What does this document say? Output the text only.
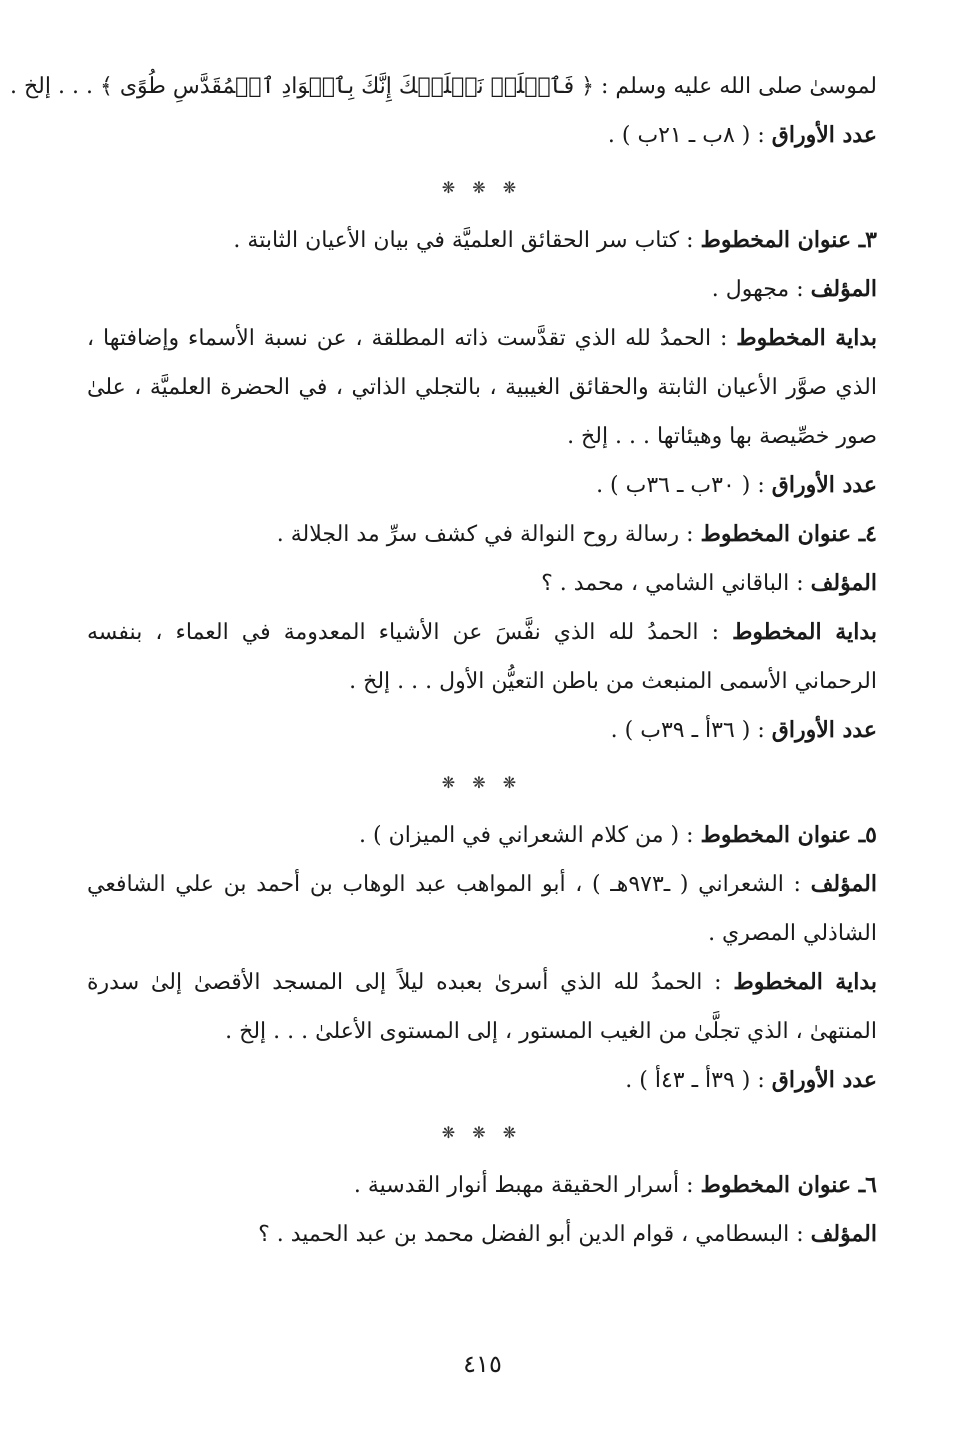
لموسىٰ صلى الله عليه وسلم : ﴿ فَٱخۡلَعۡ نَعۡلَيۡكَ إِنَّكَ بِٱلۡوَادِ ٱلۡمُقَدَّسِ طُوًى ﴾ . . . إلخ .

عدد الأوراق : ( ٨ب ـ ٢١ب ) .

❋ ❋ ❋

٣ـ عنوان المخطوط : كتاب سر الحقائق العلميَّة في بيان الأعيان الثابتة .

المؤلف : مجهول .

بداية المخطوط : الحمدُ لله الذي تقدَّست ذاته المطلقة ، عن نسبة الأسماء وإضافتها ، الذي صوَّر الأعيان الثابتة والحقائق الغيبية ، بالتجلي الذاتي ، في الحضرة العلميَّة ، علىٰ صور خصِّيصة بها وهيئاتها . . . إلخ .

عدد الأوراق : ( ٣٠ب ـ ٣٦ب ) .

٤ـ عنوان المخطوط : رسالة روح النوالة في كشف سرِّ مد الجلالة .

المؤلف : الباقاني الشامي ، محمد . ؟

بداية المخطوط : الحمدُ لله الذي نفَّسَ عن الأشياء المعدومة في العماء ، بنفسه الرحماني الأسمى المنبعث من باطن التعيُّن الأول . . . إلخ .

عدد الأوراق : ( ٣٦أ ـ ٣٩ب ) .

❋ ❋ ❋

٥ـ عنوان المخطوط : ( من كلام الشعراني في الميزان ) .

المؤلف : الشعراني ( ـ٩٧٣هـ ) ، أبو المواهب عبد الوهاب بن أحمد بن علي الشافعي الشاذلي المصري .

بداية المخطوط : الحمدُ لله الذي أسرىٰ بعبده ليلاً إلى المسجد الأقصىٰ إلىٰ سدرة المنتهىٰ ، الذي تجلَّىٰ من الغيب المستور ، إلى المستوى الأعلىٰ . . . إلخ .

عدد الأوراق : ( ٣٩أ ـ ٤٣أ ) .

❋ ❋ ❋

٦ـ عنوان المخطوط : أسرار الحقيقة مهبط أنوار القدسية .

المؤلف : البسطامي ، قوام الدين أبو الفضل محمد بن عبد الحميد . ؟

٤١٥
